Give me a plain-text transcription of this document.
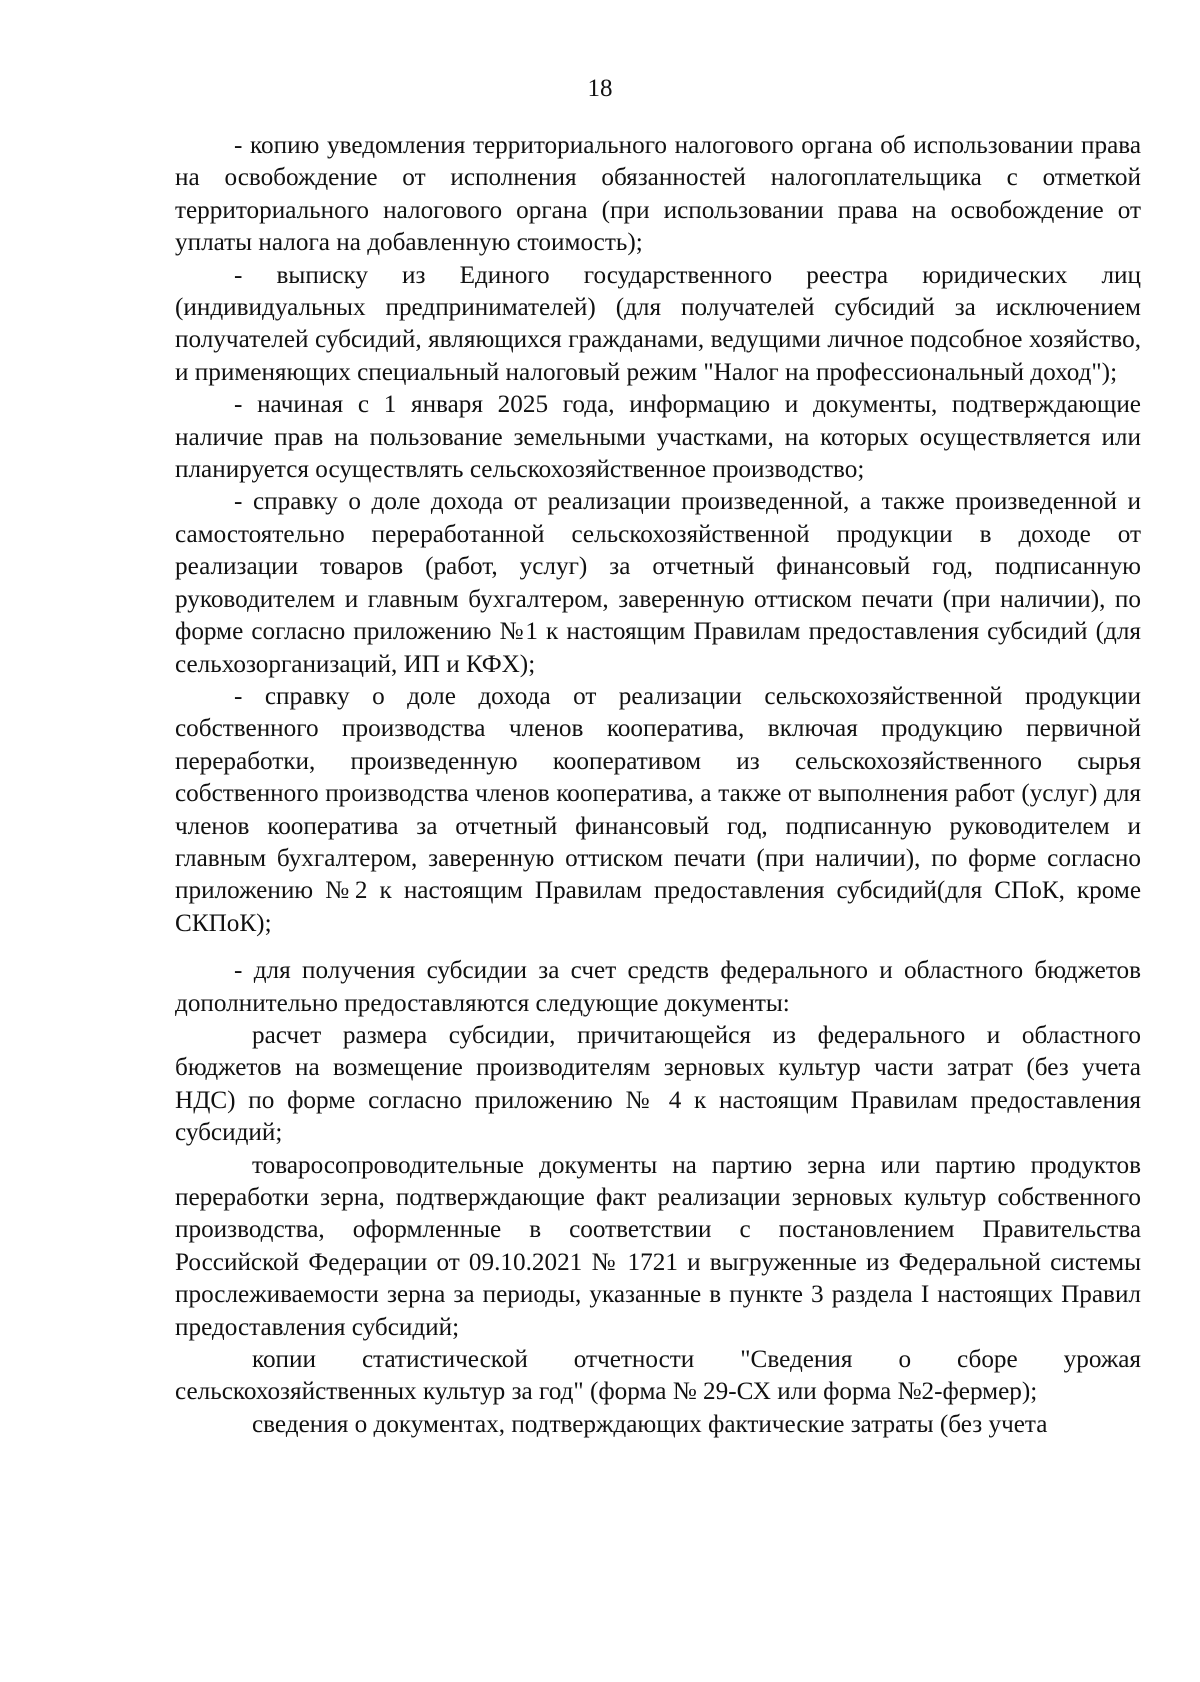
18

- копию уведомления территориального налогового органа об использовании права на освобождение от исполнения обязанностей налогоплательщика с отметкой территориального налогового органа (при использовании права на освобождение от уплаты налога на добавленную стоимость);

- выписку из Единого государственного реестра юридических лиц (индивидуальных предпринимателей) (для получателей субсидий за исключением получателей субсидий, являющихся гражданами, ведущими личное подсобное хозяйство, и применяющих специальный налоговый режим "Налог на профессиональный доход");

- начиная с 1 января 2025 года, информацию и документы, подтверждающие наличие прав на пользование земельными участками, на которых осуществляется или планируется осуществлять сельскохозяйственное производство;

- справку о доле дохода от реализации произведенной, а также произведенной и самостоятельно переработанной сельскохозяйственной продукции в доходе от реализации товаров (работ, услуг) за отчетный финансовый год, подписанную руководителем и главным бухгалтером, заверенную оттиском печати (при наличии), по форме согласно приложению №1 к настоящим Правилам предоставления субсидий (для сельхозорганизаций, ИП и КФХ);

- справку о доле дохода от реализации сельскохозяйственной продукции собственного производства членов кооператива, включая продукцию первичной переработки, произведенную кооперативом из сельскохозяйственного сырья собственного производства членов кооператива, а также от выполнения работ (услуг) для членов кооператива за отчетный финансовый год, подписанную руководителем и главным бухгалтером, заверенную оттиском печати (при наличии), по форме согласно приложению №2 к настоящим Правилам предоставления субсидий(для СПоК, кроме СКПоК);

- для получения субсидии за счет средств федерального и областного бюджетов дополнительно предоставляются следующие документы:

расчет размера субсидии, причитающейся из федерального и областного бюджетов на возмещение производителям зерновых культур части затрат (без учета НДС) по форме согласно приложению № 4 к настоящим Правилам предоставления субсидий;

товаросопроводительные документы на партию зерна или партию продуктов переработки зерна, подтверждающие факт реализации зерновых культур собственного производства, оформленные в соответствии с постановлением Правительства Российской Федерации от 09.10.2021 № 1721 и выгруженные из Федеральной системы прослеживаемости зерна за периоды, указанные в пункте 3 раздела I настоящих Правил предоставления субсидий;

копии статистической отчетности "Сведения о сборе урожая сельскохозяйственных культур за год" (форма № 29-СХ или форма №2-фермер);

сведения о документах, подтверждающих фактические затраты (без учета
